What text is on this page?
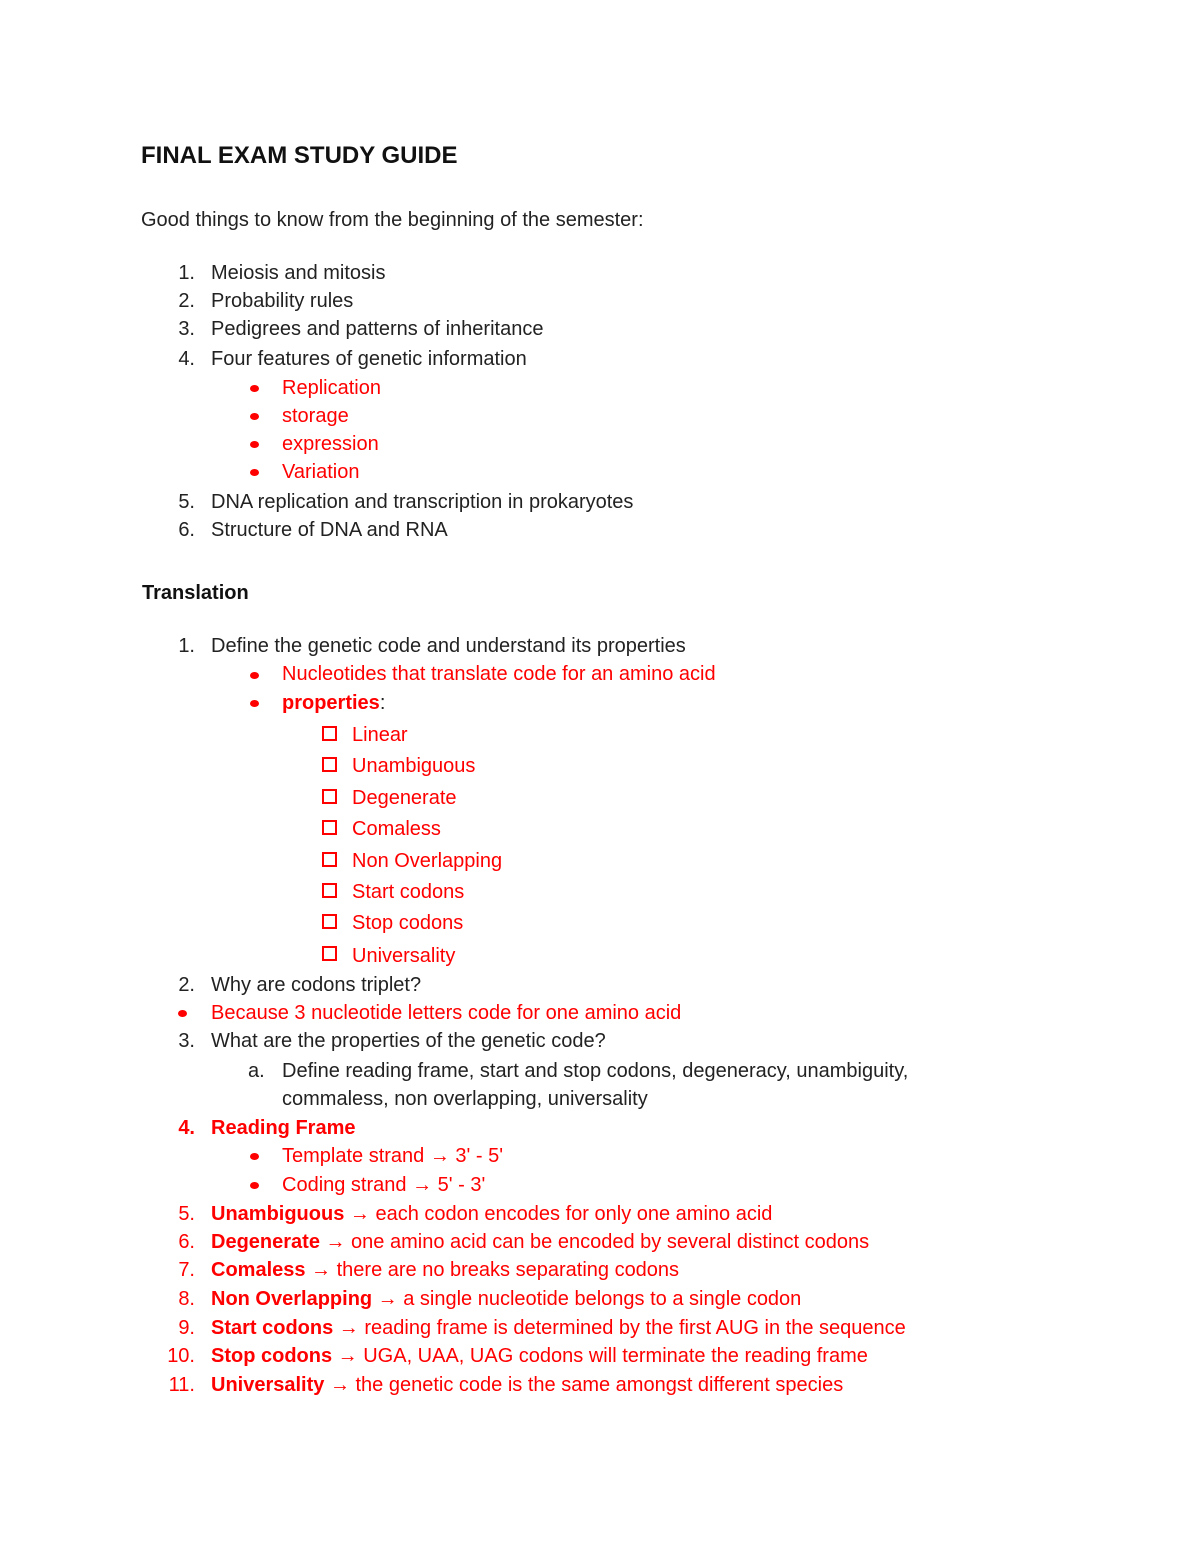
FINAL EXAM STUDY GUIDE

Good things to know from the beginning of the semester:

1. Meiosis and mitosis
2. Probability rules
3. Pedigrees and patterns of inheritance
4. Four features of genetic information
Replication
storage
expression
Variation
5. DNA replication and transcription in prokaryotes
6. Structure of DNA and RNA
Translation
1. Define the genetic code and understand its properties
Nucleotides that translate code for an amino acid
properties:
Linear
Unambiguous
Degenerate
Comaless
Non Overlapping
Start codons
Stop codons
Universality
2. Why are codons triplet?
Because 3 nucleotide letters code for one amino acid
3. What are the properties of the genetic code?
a. Define reading frame, start and stop codons, degeneracy, unambiguity,
commaless, non overlapping, universality
4. Reading Frame
Template strand → 3' - 5'
Coding strand → 5' - 3'
5. Unambiguous → each codon encodes for only one amino acid
6. Degenerate → one amino acid can be encoded by several distinct codons
7. Comaless → there are no breaks separating codons
8. Non Overlapping → a single nucleotide belongs to a single codon
9. Start codons → reading frame is determined by the first AUG in the sequence
10. Stop codons → UGA, UAA, UAG codons will terminate the reading frame
11. Universality → the genetic code is the same amongst different species
